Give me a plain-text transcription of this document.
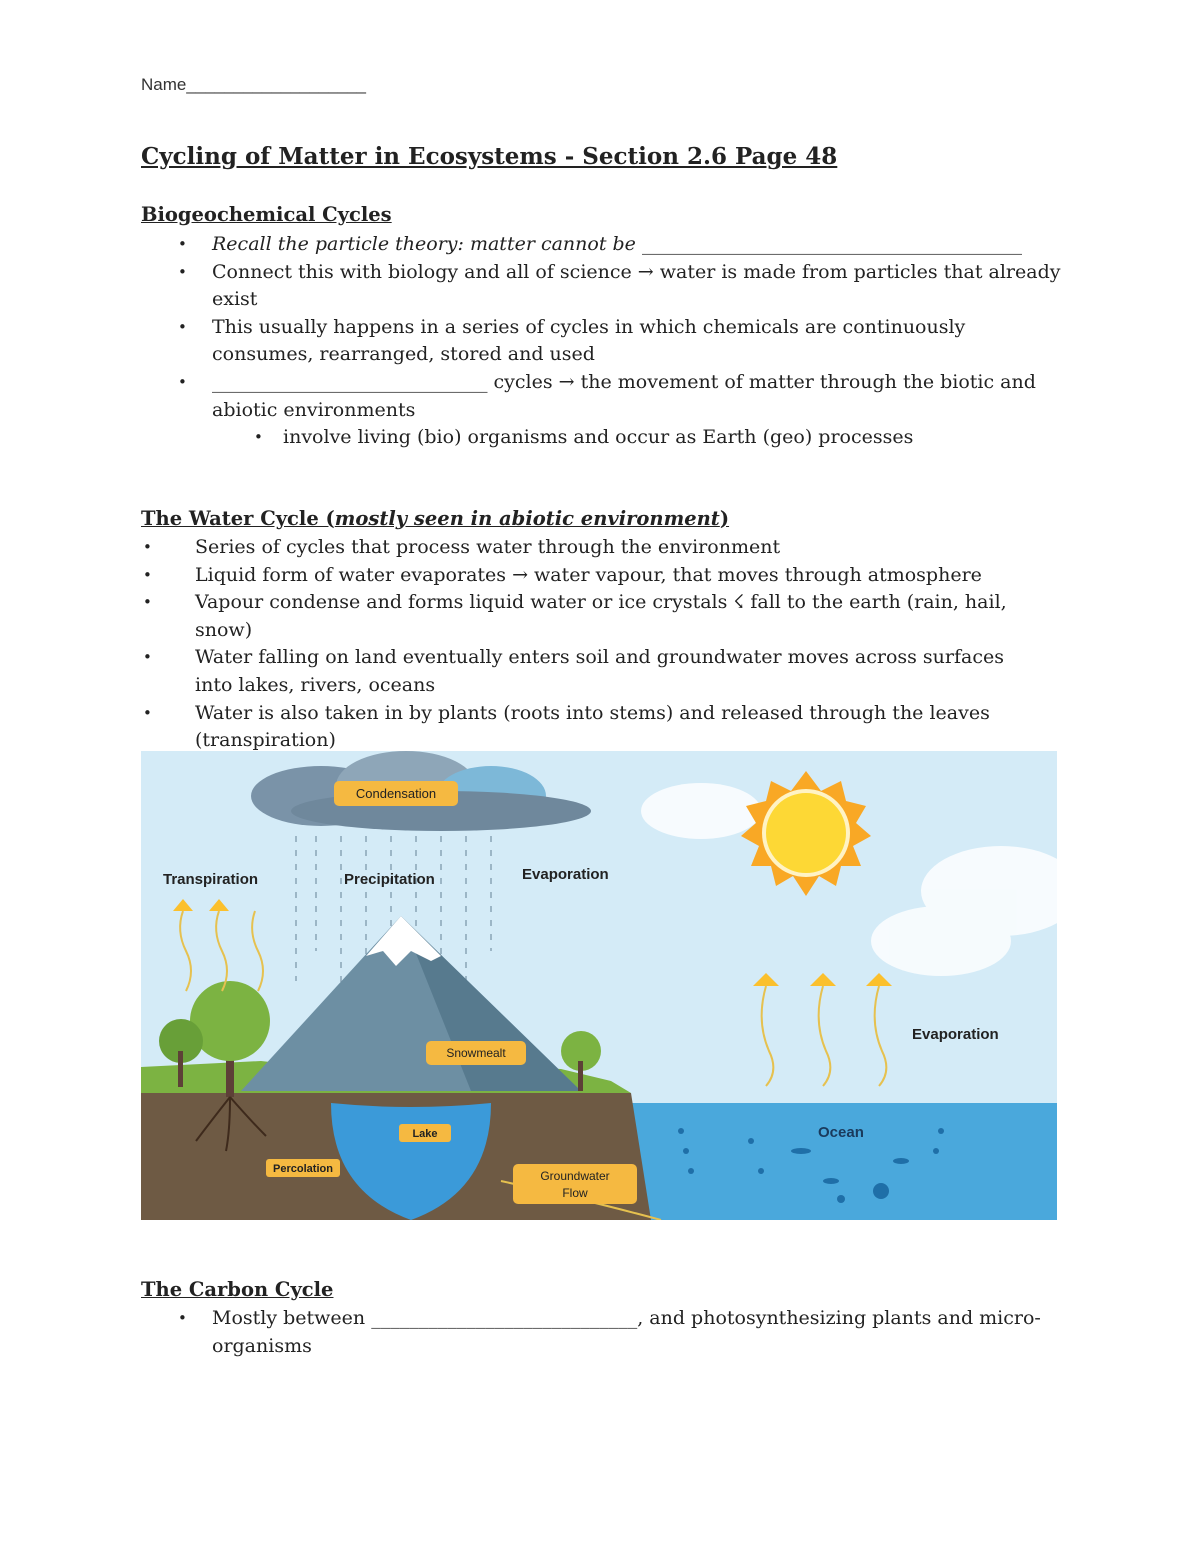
Name___________________
Cycling of Matter in Ecosystems - Section 2.6 Page 48
Biogeochemical Cycles
• Recall the particle theory: matter cannot be ________________________________________
• Connect this with biology and all of science → water is made from particles that already exist
• This usually happens in a series of cycles in which chemicals are continuously consumes, rearranged, stored and used
• _____________________________ cycles → the movement of matter through the biotic and abiotic environments
• involve living (bio) organisms and occur as Earth (geo) processes
The Water Cycle (mostly seen in abiotic environment)
• Series of cycles that process water through the environment
• Liquid form of water evaporates → water vapour, that moves through atmosphere
• Vapour condense and forms liquid water or ice crystals ☇ fall to the earth (rain, hail, snow)
• Water falling on land eventually enters soil and groundwater moves across surfaces into lakes, rivers, oceans
• Water is also taken in by plants (roots into stems) and released through the leaves (transpiration)
Condensation
Transpiration	Precipitation	Evaporation
Evaporation
Snowmealt
Lake
Percolation	Groundwater
Flow
Ocean
The Carbon Cycle
• Mostly between ____________________________, and photosynthesizing plants and micro-organisms
